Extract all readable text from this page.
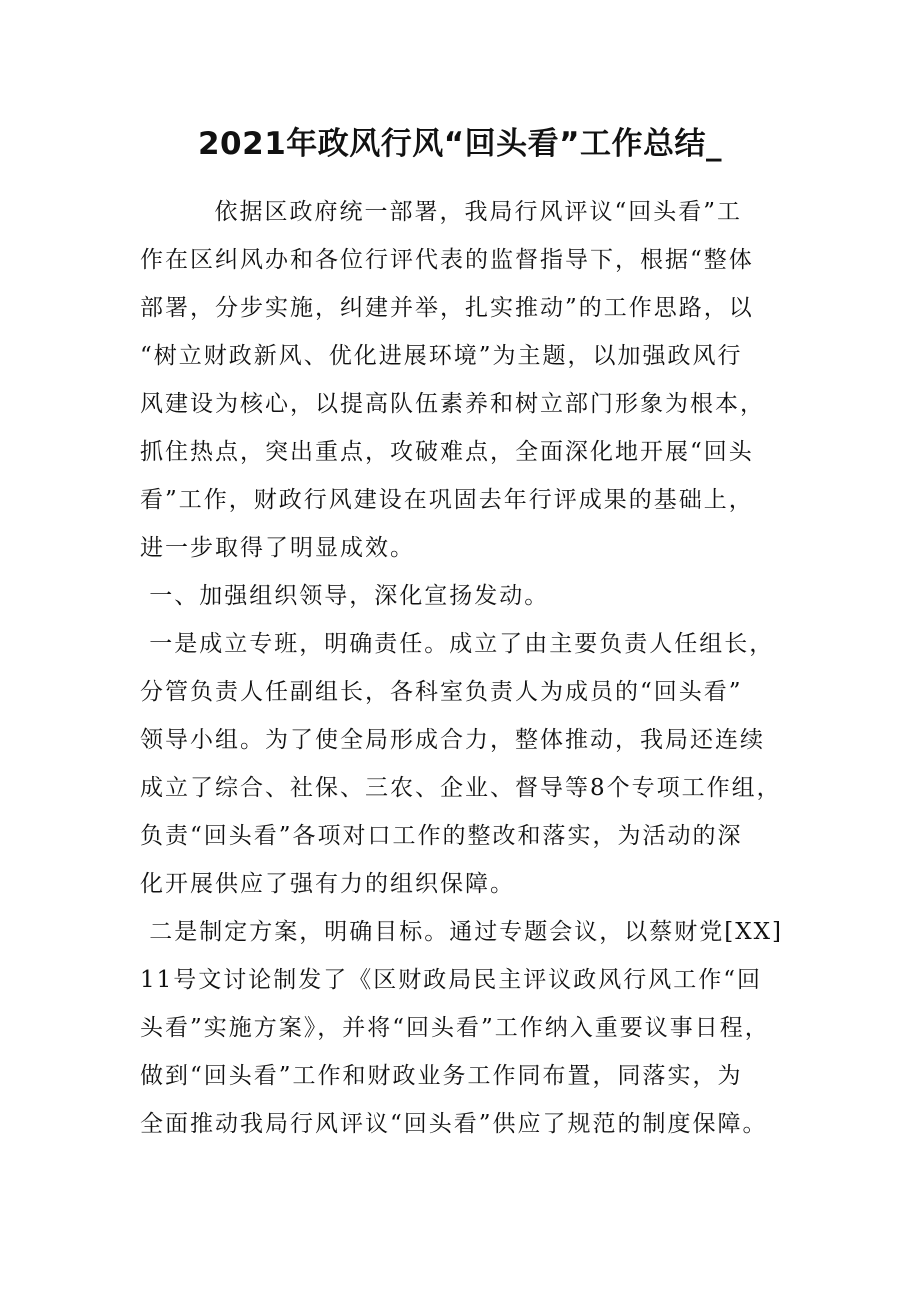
2021年政风行风“回头看”工作总结_
依据区政府统一部署，我局行风评议“回头看”工
作在区纠风办和各位行评代表的监督指导下，根据“整体
部署，分步实施，纠建并举，扎实推动”的工作思路，以
“树立财政新风、优化进展环境”为主题，以加强政风行
风建设为核心，以提高队伍素养和树立部门形象为根本，
抓住热点，突出重点，攻破难点，全面深化地开展“回头
看”工作，财政行风建设在巩固去年行评成果的基础上，
进一步取得了明显成效。
一、加强组织领导，深化宣扬发动。
一是成立专班，明确责任。成立了由主要负责人任组长，
分管负责人任副组长，各科室负责人为成员的“回头看”
领导小组。为了使全局形成合力，整体推动，我局还连续
成立了综合、社保、三农、企业、督导等8个专项工作组，
负责“回头看”各项对口工作的整改和落实，为活动的深
化开展供应了强有力的组织保障。
二是制定方案，明确目标。通过专题会议，以蔡财党[XX]
11号文讨论制发了《区财政局民主评议政风行风工作“回
头看”实施方案》，并将“回头看”工作纳入重要议事日程，
做到“回头看”工作和财政业务工作同布置，同落实，为
全面推动我局行风评议“回头看”供应了规范的制度保障。
